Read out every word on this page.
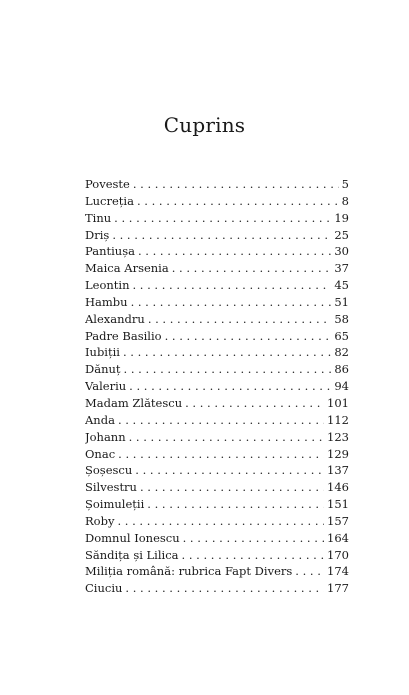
Cuprins
Poveste . . .	5
Lucreția . . .	8
Tinu . . .	19
Driș . . .	25
Pantiușa . . .	30
Maica Arsenia . . .	37
Leontin . . .	45
Hambu . . .	51
Alexandru . . .	58
Padre Basilio . . .	65
Iubiții . . .	82
Dănuț . . .	86
Valeriu . . .	94
Madam Zlătescu . . .	101
Anda . . .	112
Johann . . .	123
Onac . . .	129
Șoșescu . . .	137
Silvestru . . .	146
Șoimuleții . . .	151
Roby . . .	157
Domnul Ionescu . . .	164
Săndița și Lilica . . .	170
Miliția română: rubrica Fapt Divers . . .	174
Ciuciu . . .	177
